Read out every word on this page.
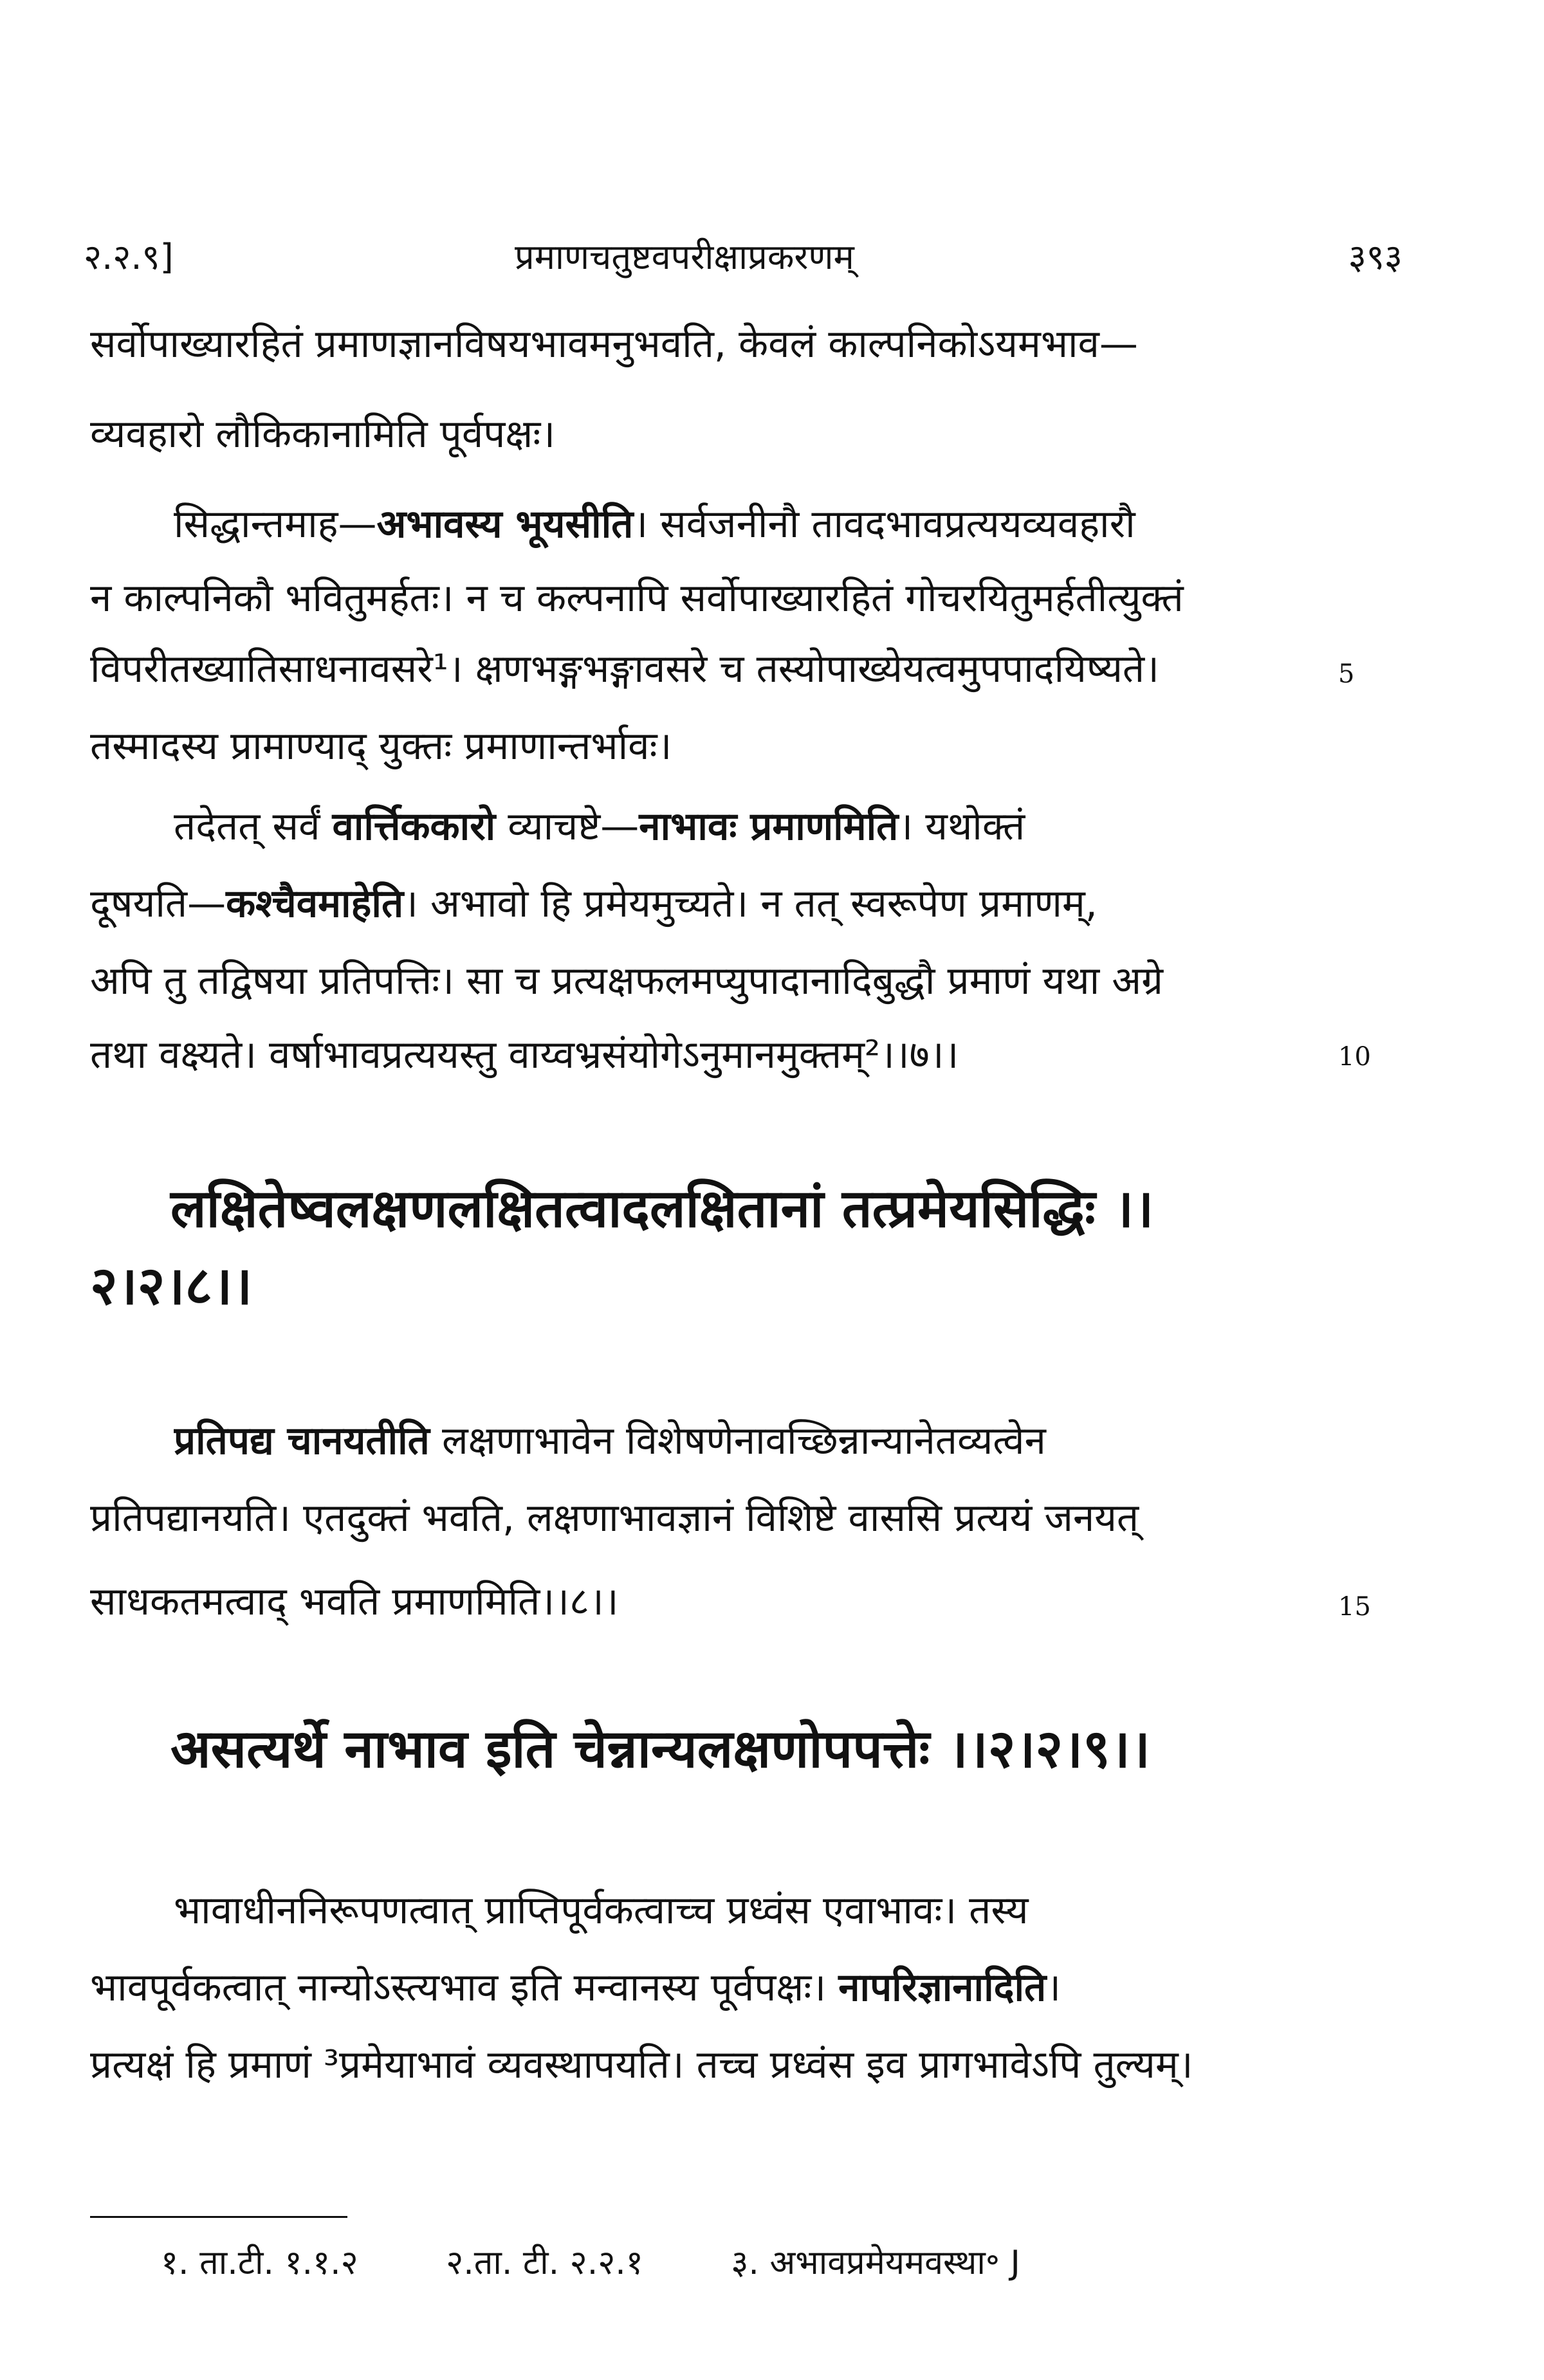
२.२.९]	प्रमाणचतुष्टवपरीक्षाप्रकरणम्	३९३
सर्वोपाख्यारहितं प्रमाणज्ञानविषयभावमनुभवति, केवलं काल्पनिकोऽयमभाव—
व्यवहारो लौकिकानामिति पूर्वपक्षः।
सिद्धान्तमाह—अभावस्य भूयसीति। सर्वजनीनौ तावदभावप्रत्ययव्यवहारौ
न काल्पनिकौ भवितुमर्हतः। न च कल्पनापि सर्वोपाख्यारहितं गोचरयितुमर्हतीत्युक्तं
विपरीतख्यातिसाधनावसरे¹। क्षणभङ्गभङ्गावसरे च तस्योपाख्येयत्वमुपपादयिष्यते।
तस्मादस्य प्रामाण्याद् युक्तः प्रमाणान्तर्भावः।
तदेतत् सर्वं वार्त्तिककारो व्याचष्टे—नाभावः प्रमाणमिति। यथोक्तं
दूषयति—कश्चैवमाहेति। अभावो हि प्रमेयमुच्यते। न तत् स्वरूपेण प्रमाणम्,
अपि तु तद्विषया प्रतिपत्तिः। सा च प्रत्यक्षफलमप्युपादानादिबुद्धौ प्रमाणं यथा अग्रे
तथा वक्ष्यते। वर्षाभावप्रत्ययस्तु वाय्वभ्रसंयोगेऽनुमानमुक्तम्²।।७।।
लक्षितेष्वलक्षणलक्षितत्वादलक्षितानां तत्प्रमेयसिद्धिः ।।
२।२।८।।
प्रतिपद्य चानयतीति लक्षणाभावेन विशेषणेनावच्छिन्नान्यानेतव्यत्वेन
प्रतिपद्यानयति। एतदुक्तं भवति, लक्षणाभावज्ञानं विशिष्टे वाससि प्रत्ययं जनयत्
साधकतमत्वाद् भवति प्रमाणमिति।।८।।
असत्यर्थे नाभाव इति चेन्नान्यलक्षणोपपत्तेः ।।२।२।९।।
भावाधीननिरूपणत्वात् प्राप्तिपूर्वकत्वाच्च प्रध्वंस एवाभावः। तस्य
भावपूर्वकत्वात् नान्योऽस्त्यभाव इति मन्वानस्य पूर्वपक्षः। नापरिज्ञानादिति।
प्रत्यक्षं हि प्रमाणं ³प्रमेयाभावं व्यवस्थापयति। तच्च प्रध्वंस इव प्रागभावेऽपि तुल्यम्।
5
10
15
१. ता.टी. १.१.२	२.ता. टी. २.२.१	३. अभावप्रमेयमवस्था॰ J
